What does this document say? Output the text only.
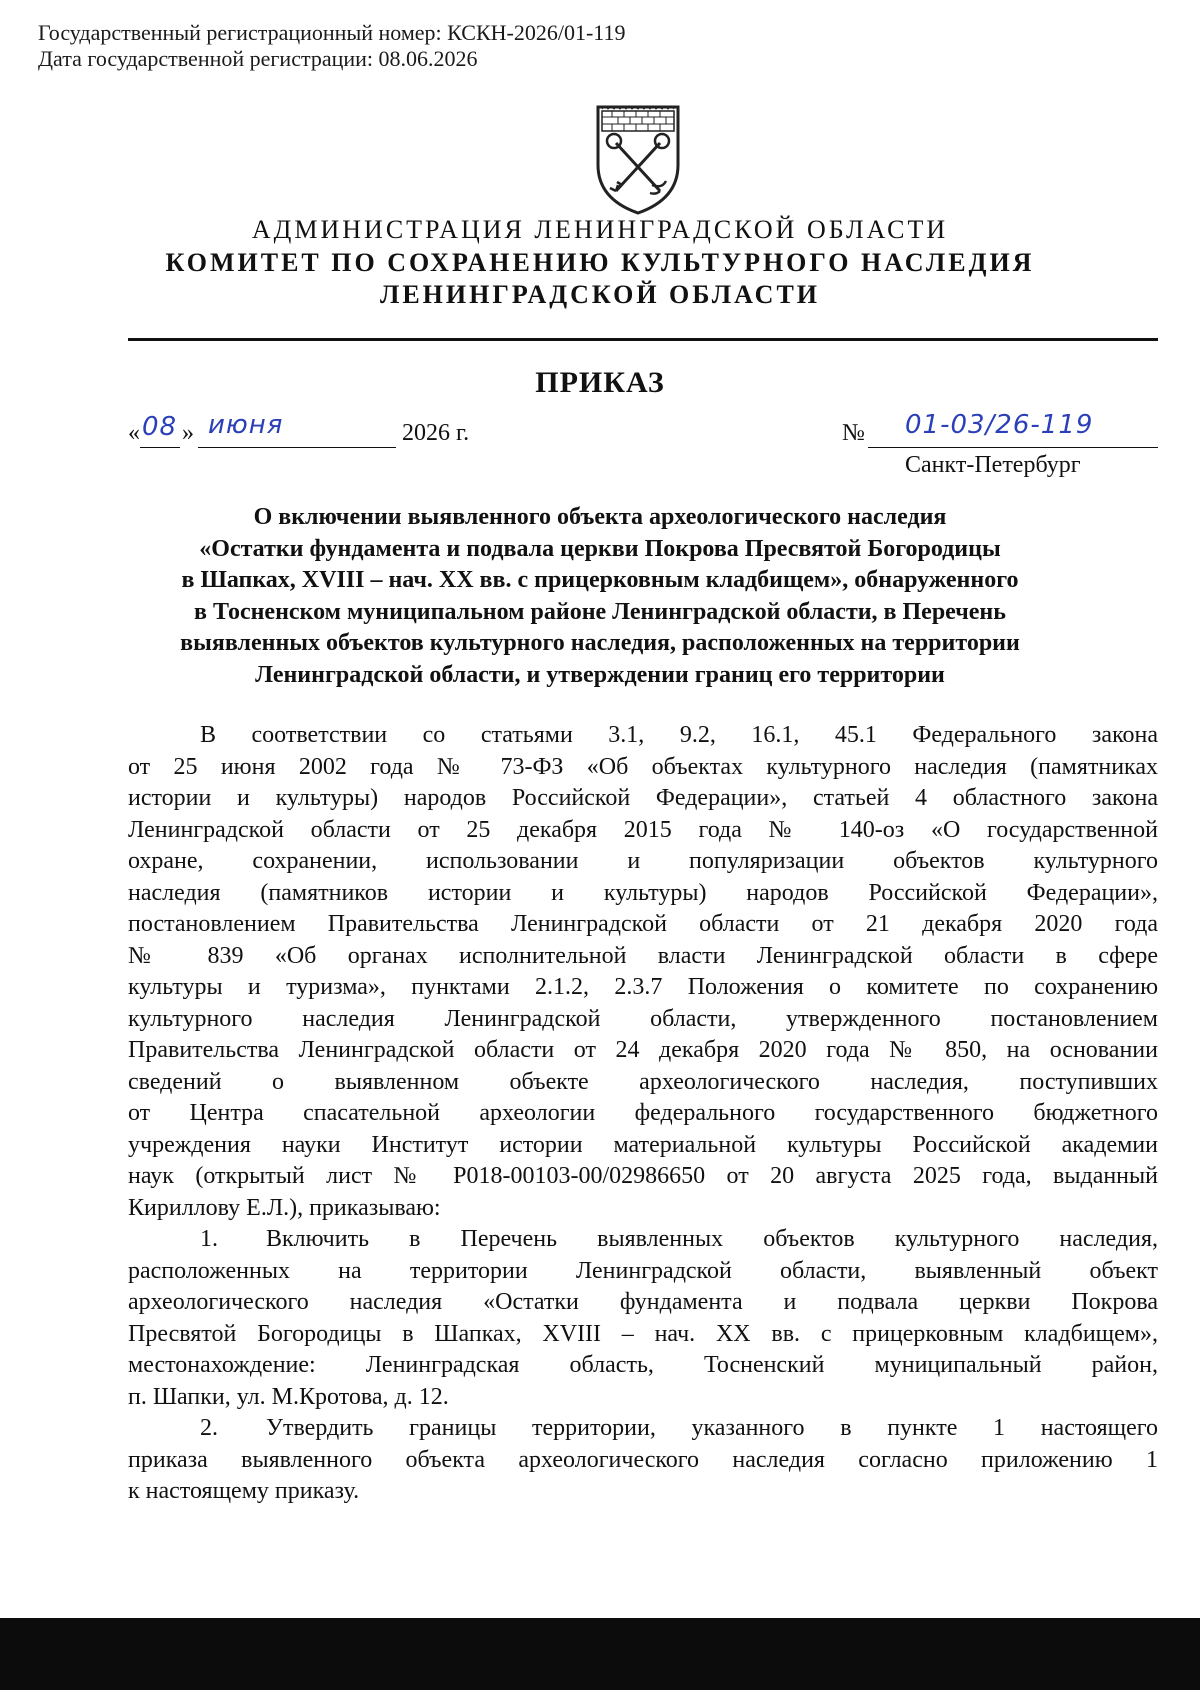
Государственный регистрационный номер: КСКН-2026/01-119
Дата государственной регистрации: 08.06.2026
АДМИНИСТРАЦИЯ ЛЕНИНГРАДСКОЙ ОБЛАСТИ
КОМИТЕТ ПО СОХРАНЕНИЮ КУЛЬТУРНОГО НАСЛЕДИЯ
ЛЕНИНГРАДСКОЙ ОБЛАСТИ
ПРИКАЗ
« 08 » июня	2026 г.	№ 01-03/26-119
Санкт-Петербург
О включении выявленного объекта археологического наследия
«Остатки фундамента и подвала церкви Покрова Пресвятой Богородицы
в Шапках, XVIII – нач. XX вв. с прицерковным кладбищем», обнаруженного
в Тосненском муниципальном районе Ленинградской области, в Перечень
выявленных объектов культурного наследия, расположенных на территории
Ленинградской области, и утверждении границ его территории
В соответствии со статьями 3.1, 9.2, 16.1, 45.1 Федерального закона
от 25 июня 2002 года № 73-ФЗ «Об объектах культурного наследия (памятниках
истории и культуры) народов Российской Федерации», статьей 4 областного закона
Ленинградской области от 25 декабря 2015 года № 140-оз «О государственной
охране, сохранении, использовании и популяризации объектов культурного
наследия (памятников истории и культуры) народов Российской Федерации»,
постановлением Правительства Ленинградской области от 21 декабря 2020 года
№ 839 «Об органах исполнительной власти Ленинградской области в сфере
культуры и туризма», пунктами 2.1.2, 2.3.7 Положения о комитете по сохранению
культурного наследия Ленинградской области, утвержденного постановлением
Правительства Ленинградской области от 24 декабря 2020 года № 850, на основании
сведений о выявленном объекте археологического наследия, поступивших
от Центра спасательной археологии федерального государственного бюджетного
учреждения науки Институт истории материальной культуры Российской академии
наук (открытый лист № Р018-00103-00/02986650 от 20 августа 2025 года, выданный
Кириллову Е.Л.), приказываю:
1. Включить в Перечень выявленных объектов культурного наследия,
расположенных на территории Ленинградской области, выявленный объект
археологического наследия «Остатки фундамента и подвала церкви Покрова
Пресвятой Богородицы в Шапках, XVIII – нач. XX вв. с прицерковным кладбищем»,
местонахождение: Ленинградская область, Тосненский муниципальный район,
п. Шапки, ул. М.Кротова, д. 12.
2. Утвердить границы территории, указанного в пункте 1 настоящего
приказа выявленного объекта археологического наследия согласно приложению 1
к настоящему приказу.
